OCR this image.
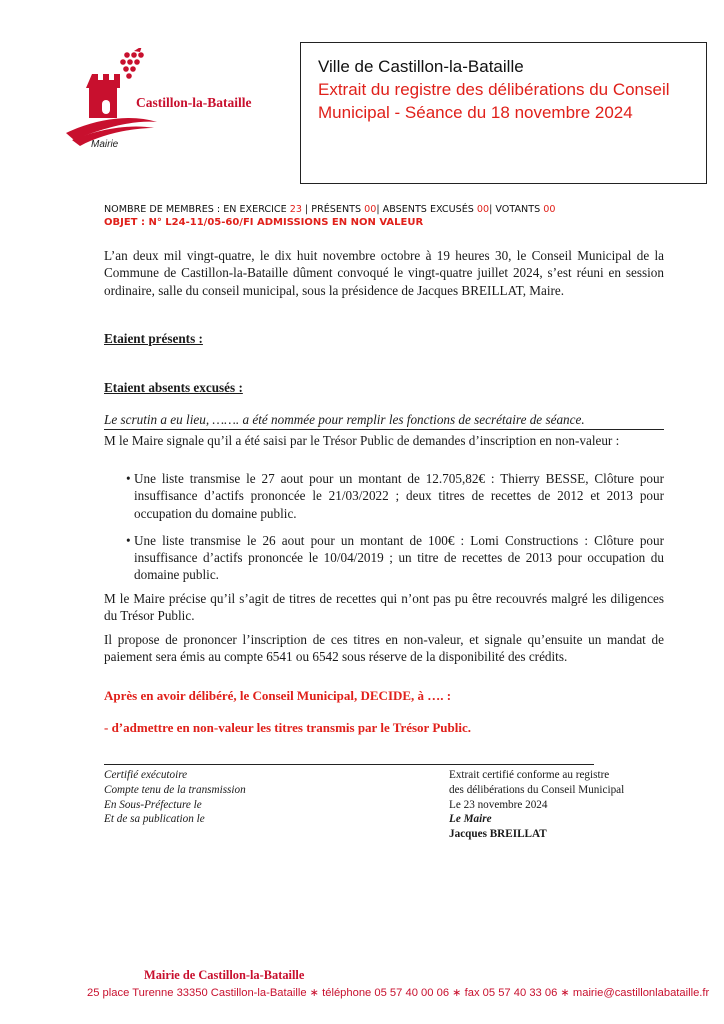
Castillon-la-Bataille
Mairie
Ville de Castillon-la-Bataille
Extrait du registre des délibérations du Conseil Municipal - Séance du 18 novembre 2024
NOMBRE DE MEMBRES : EN EXERCICE 23 | PRÉSENTS 00| ABSENTS EXCUSÉS 00| VOTANTS 00
OBJET : N° L24-11/05-60/FI ADMISSIONS EN NON VALEUR

L’an deux mil vingt-quatre, le dix huit novembre octobre à 19 heures 30, le Conseil Municipal de la Commune de Castillon-la-Bataille dûment convoqué le vingt-quatre juillet 2024, s’est réuni en session ordinaire, salle du conseil municipal, sous la présidence de Jacques BREILLAT, Maire.

Etaient présents :
Etaient absents excusés :
Le scrutin a eu lieu, ……. a été nommée pour remplir les fonctions de secrétaire de séance.

M le Maire signale qu’il a été saisi par le Trésor Public de demandes d’inscription en non-valeur :

• Une liste transmise le 27 aout pour un montant de 12.705,82€ : Thierry BESSE, Clôture pour insuffisance d’actifs prononcée le 21/03/2022 ; deux titres de recettes de 2012 et 2013 pour occupation du domaine public.
• Une liste transmise le 26 aout pour un montant de 100€ : Lomi Constructions : Clôture pour insuffisance d’actifs prononcée le 10/04/2019 ; un titre de recettes de 2013 pour occupation du domaine public.

M le Maire précise qu’il s’agit de titres de recettes qui n’ont pas pu être recouvrés malgré les diligences du Trésor Public.

Il propose de prononcer l’inscription de ces titres en non-valeur, et signale qu’ensuite un mandat de paiement sera émis au compte 6541 ou 6542 sous réserve de la disponibilité des crédits.

Après en avoir délibéré, le Conseil Municipal, DECIDE, à …. :
- d’admettre en non-valeur les titres transmis par le Trésor Public.
Certifié exécutoire
Compte tenu de la transmission
En Sous-Préfecture le
Et de sa publication le
Extrait certifié conforme au registre
des délibérations du Conseil Municipal
Le 23 novembre 2024
Le Maire
Jacques BREILLAT
Mairie de Castillon-la-Bataille
25 place Turenne 33350 Castillon-la-Bataille ∗ téléphone 05 57 40 00 06 ∗ fax 05 57 40 33 06 ∗ mairie@castillonlabataille.fr
